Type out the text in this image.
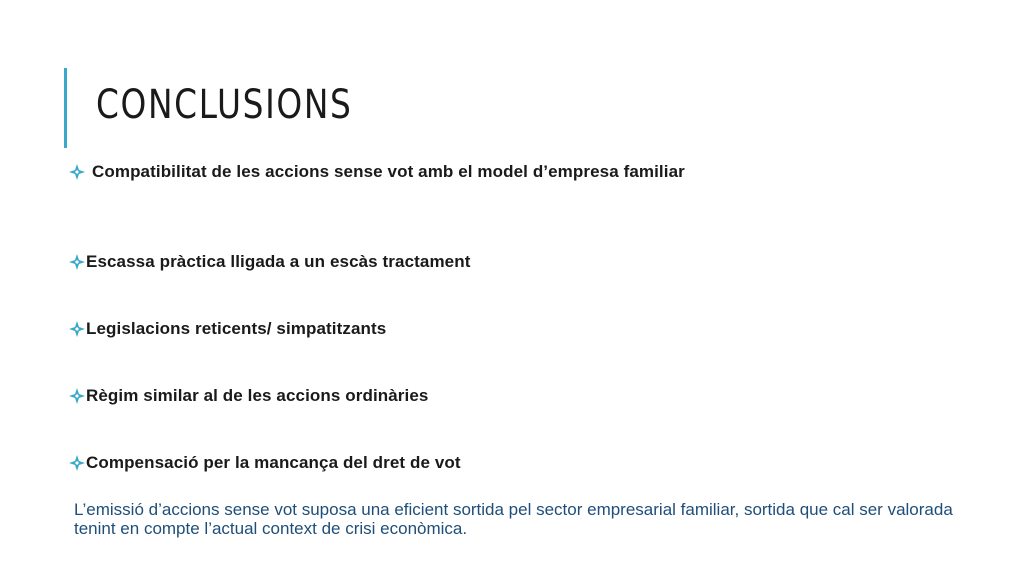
CONCLUSIONS
Compatibilitat de les accions sense vot amb el model d’empresa familiar
Escassa pràctica lligada a un escàs tractament
Legislacions reticents/ simpatitzants
Règim similar al de les accions ordinàries
Compensació per la mancança del dret de vot

L’emissió d’accions sense vot suposa una eficient sortida pel sector empresarial familiar, sortida que cal ser valorada tenint en compte l’actual context de crisi econòmica.
